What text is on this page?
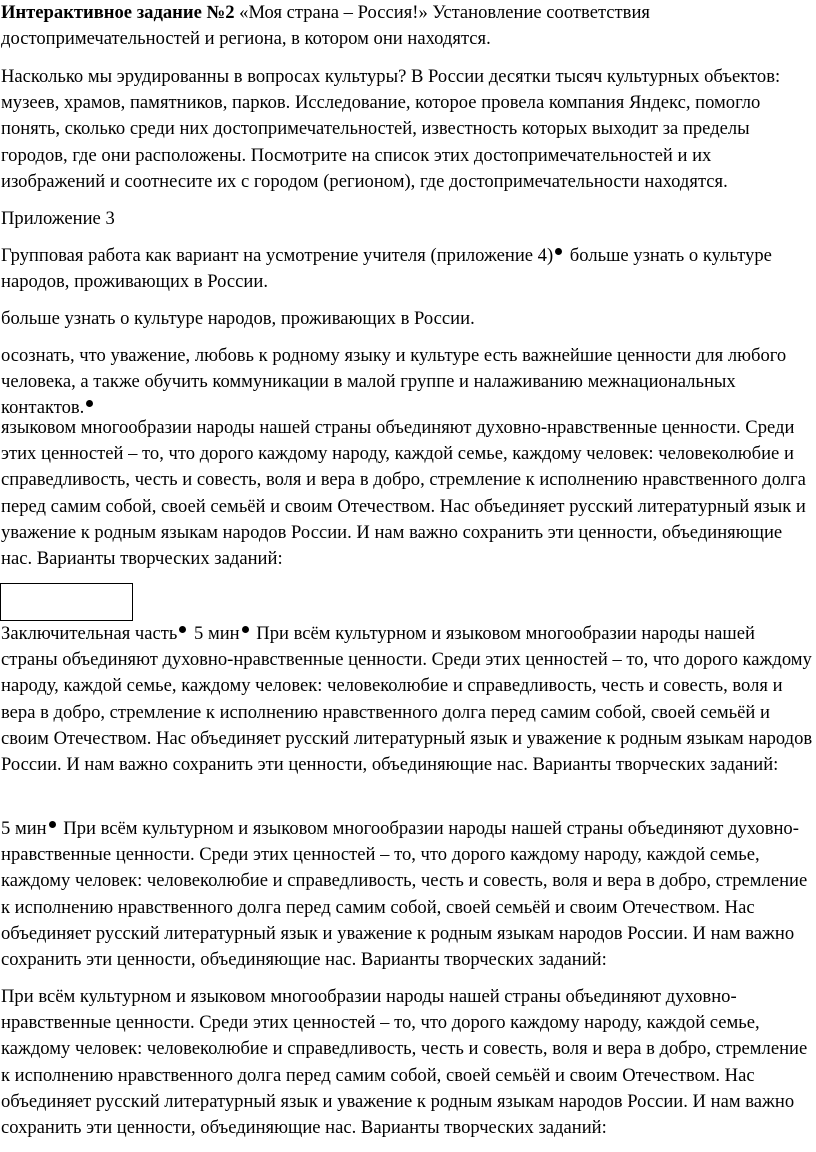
Интерактивное задание №2 «Моя страна – Россия!» Установление соответствия достопримечательностей и региона, в котором они находятся.

Насколько мы эрудированны в вопросах культуры? В России десятки тысяч культурных объектов: музеев, храмов, памятников, парков. Исследование, которое провела компания Яндекс, помогло понять, сколько среди них достопримечательностей, известность которых выходит за пределы городов, где они расположены. Посмотрите на список этих достопримечательностей и их изображений и соотнесите их с городом (регионом), где достопримечательности находятся.

Приложение 3

Групповая работа как вариант на усмотрение учителя (приложение 4) больше узнать о культуре народов, проживающих в России.

больше узнать о культуре народов, проживающих в России.

осознать, что уважение, любовь к родному языку и культуре есть важнейшие ценности для любого человека, а также обучить коммуникации в малой группе и налаживанию межнациональных контактов.

языковом многообразии народы нашей страны объединяют духовно-нравственные ценности. Среди этих ценностей – то, что дорого каждому народу, каждой семье, каждому человек: человеколюбие и справедливость, честь и совесть, воля и вера в добро, стремление к исполнению нравственного долга перед самим собой, своей семьёй и своим Отечеством. Нас объединяет русский литературный язык и уважение к родным языкам народов России. И нам важно сохранить эти ценности, объединяющие нас. Варианты творческих заданий:

Заключительная часть 5 мин При всём культурном и языковом многообразии народы нашей страны объединяют духовно-нравственные ценности. Среди этих ценностей – то, что дорого каждому народу, каждой семье, каждому человек: человеколюбие и справедливость, честь и совесть, воля и вера в добро, стремление к исполнению нравственного долга перед самим собой, своей семьёй и своим Отечеством. Нас объединяет русский литературный язык и уважение к родным языкам народов России. И нам важно сохранить эти ценности, объединяющие нас. Варианты творческих заданий:

5 мин При всём культурном и языковом многообразии народы нашей страны объединяют духовно-нравственные ценности. Среди этих ценностей – то, что дорого каждому народу, каждой семье, каждому человек: человеколюбие и справедливость, честь и совесть, воля и вера в добро, стремление к исполнению нравственного долга перед самим собой, своей семьёй и своим Отечеством. Нас объединяет русский литературный язык и уважение к родным языкам народов России. И нам важно сохранить эти ценности, объединяющие нас. Варианты творческих заданий:

При всём культурном и языковом многообразии народы нашей страны объединяют духовно-нравственные ценности. Среди этих ценностей – то, что дорого каждому народу, каждой семье, каждому человек: человеколюбие и справедливость, честь и совесть, воля и вера в добро, стремление к исполнению нравственного долга перед самим собой, своей семьёй и своим Отечеством. Нас объединяет русский литературный язык и уважение к родным языкам народов России. И нам важно сохранить эти ценности, объединяющие нас. Варианты творческих заданий:
